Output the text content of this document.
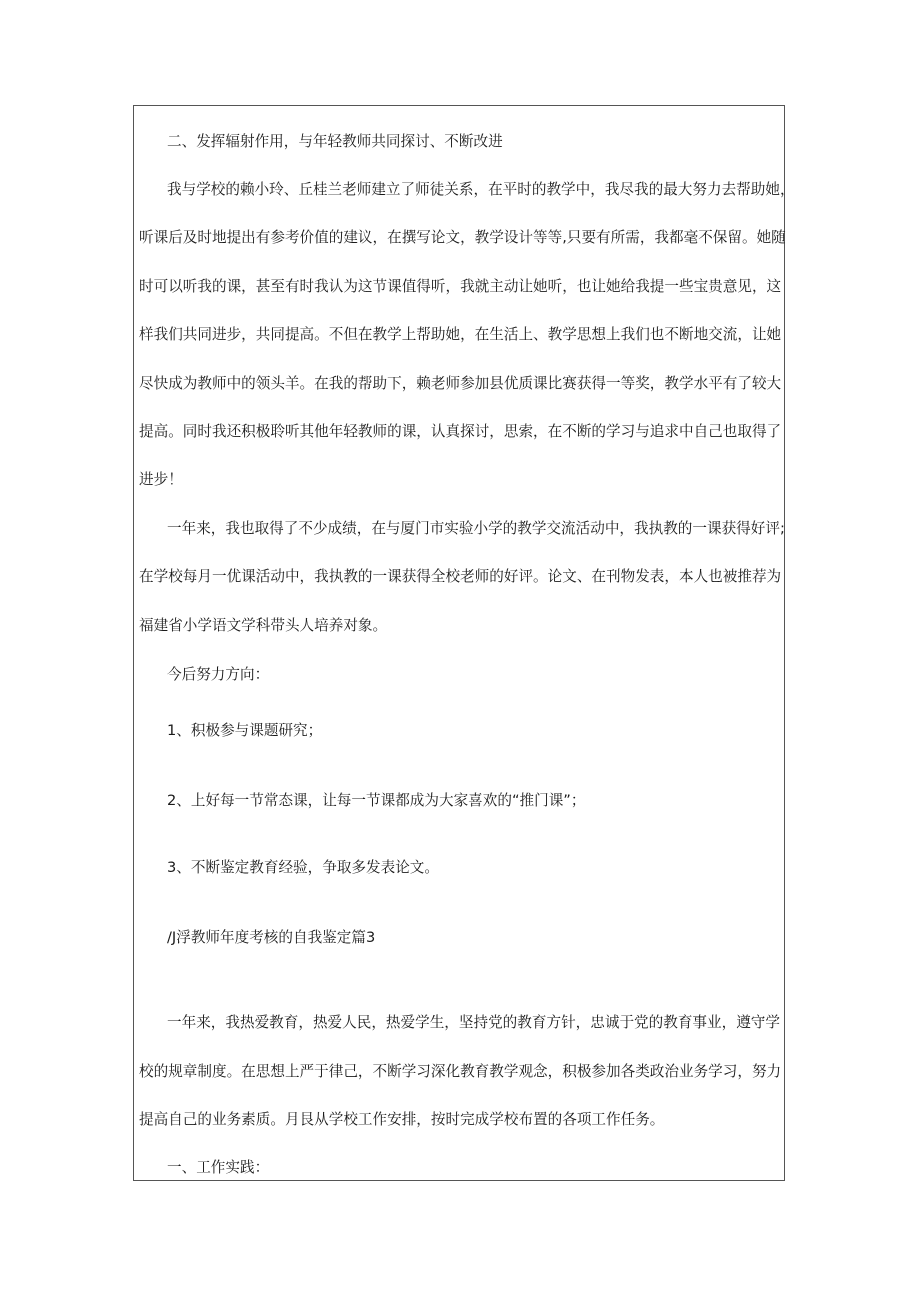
二、发挥辐射作用，与年轻教师共同探讨、不断改进
我与学校的赖小玲、丘桂兰老师建立了师徒关系，在平时的教学中，我尽我的最大努力去帮助她，
听课后及时地提出有参考价值的建议，在撰写论文，教学设计等等,只要有所需，我都毫不保留。她随
时可以听我的课，甚至有时我认为这节课值得听，我就主动让她听，也让她给我提一些宝贵意见，这
样我们共同进步，共同提高。不但在教学上帮助她，在生活上、教学思想上我们也不断地交流，让她
尽快成为教师中的领头羊。在我的帮助下，赖老师参加县优质课比赛获得一等奖，教学水平有了较大
提高。同时我还积极聆听其他年轻教师的课，认真探讨，思索，在不断的学习与追求中自己也取得了
进步！
一年来，我也取得了不少成绩，在与厦门市实验小学的教学交流活动中，我执教的一课获得好评;
在学校每月一优课活动中，我执教的一课获得全校老师的好评。论文、在刊物发表，本人也被推荐为
福建省小学语文学科带头人培养对象。
今后努力方向：
1、积极参与课题研究；
2、上好每一节常态课，让每一节课都成为大家喜欢的“推门课”；
3、不断鉴定教育经验，争取多发表论文。
/J浮教师年度考核的自我鉴定篇3
一年来，我热爱教育，热爱人民，热爱学生，坚持党的教育方针，忠诚于党的教育事业，遵守学
校的规章制度。在思想上严于律己，不断学习深化教育教学观念，积极参加各类政治业务学习，努力
提高自己的业务素质。月艮从学校工作安排，按时完成学校布置的各项工作任务。
一、工作实践：
